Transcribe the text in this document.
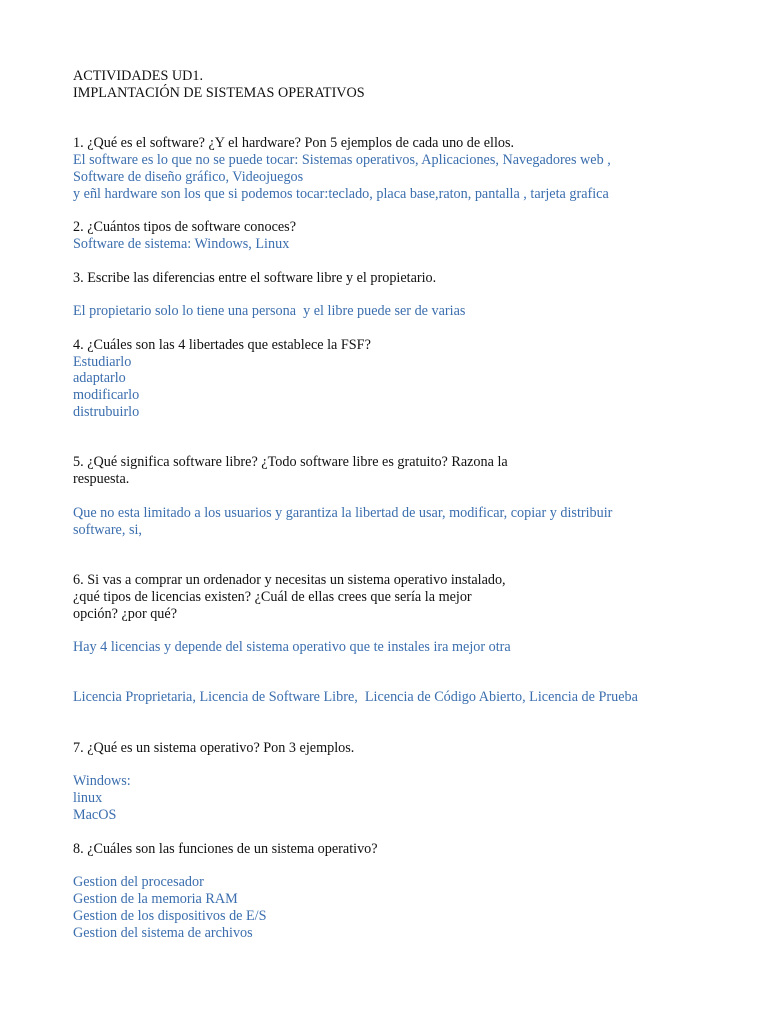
ACTIVIDADES UD1.
IMPLANTACIÓN DE SISTEMAS OPERATIVOS
1. ¿Qué es el software? ¿Y el hardware? Pon 5 ejemplos de cada uno de ellos.
El software es lo que no se puede tocar: Sistemas operativos, Aplicaciones, Navegadores web ,
Software de diseño gráfico, Videojuegos
y eñl hardware son los que si podemos tocar:teclado, placa base,raton, pantalla , tarjeta grafica
2. ¿Cuántos tipos de software conoces?
Software de sistema: Windows, Linux
3. Escribe las diferencias entre el software libre y el propietario.
El propietario solo lo tiene una persona  y el libre puede ser de varias
4. ¿Cuáles son las 4 libertades que establece la FSF?
Estudiarlo
adaptarlo
modificarlo
distrubuirlo
5. ¿Qué significa software libre? ¿Todo software libre es gratuito? Razona la
respuesta.
Que no esta limitado a los usuarios y garantiza la libertad de usar, modificar, copiar y distribuir
software, si,
6. Si vas a comprar un ordenador y necesitas un sistema operativo instalado,
¿qué tipos de licencias existen? ¿Cuál de ellas crees que sería la mejor
opción? ¿por qué?
Hay 4 licencias y depende del sistema operativo que te instales ira mejor otra
Licencia Proprietaria, Licencia de Software Libre,  Licencia de Código Abierto, Licencia de Prueba
7. ¿Qué es un sistema operativo? Pon 3 ejemplos.
Windows:
linux
MacOS
8. ¿Cuáles son las funciones de un sistema operativo?
Gestion del procesador
Gestion de la memoria RAM
Gestion de los dispositivos de E/S
Gestion del sistema de archivos
